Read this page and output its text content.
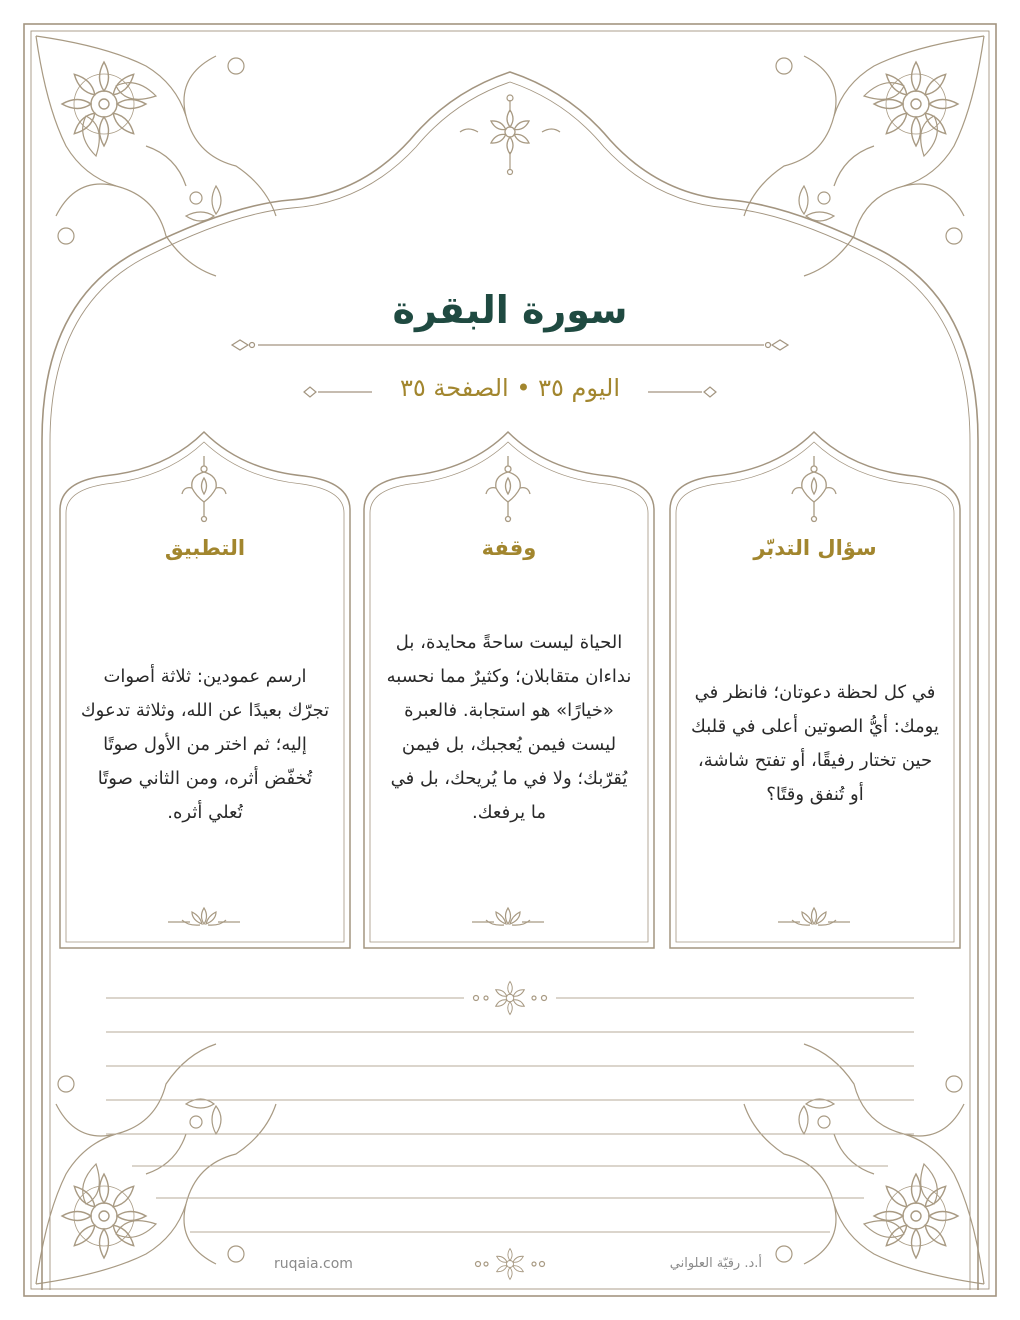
سورة البقرة
اليوم ٣٥ • الصفحة ٣٥
التطبيق
ارسم عمودين: ثلاثة أصوات تجرّك بعيدًا عن الله، وثلاثة تدعوك إليه؛ ثم اختر من الأول صوتًا تُخفّض أثره، ومن الثاني صوتًا تُعلي أثره.
وقفة
الحياة ليست ساحةً محايدة، بل نداءان متقابلان؛ وكثيرٌ مما نحسبه «خيارًا» هو استجابة. فالعبرة ليست فيمن يُعجبك، بل فيمن يُقرّبك؛ ولا في ما يُريحك، بل في ما يرفعك.
سؤال التدبّر
في كل لحظة دعوتان؛ فانظر في يومك: أيُّ الصوتين أعلى في قلبك حين تختار رفيقًا، أو تفتح شاشة، أو تُنفق وقتًا؟
ruqaia.com	أ.د. رقيّة العلواني
